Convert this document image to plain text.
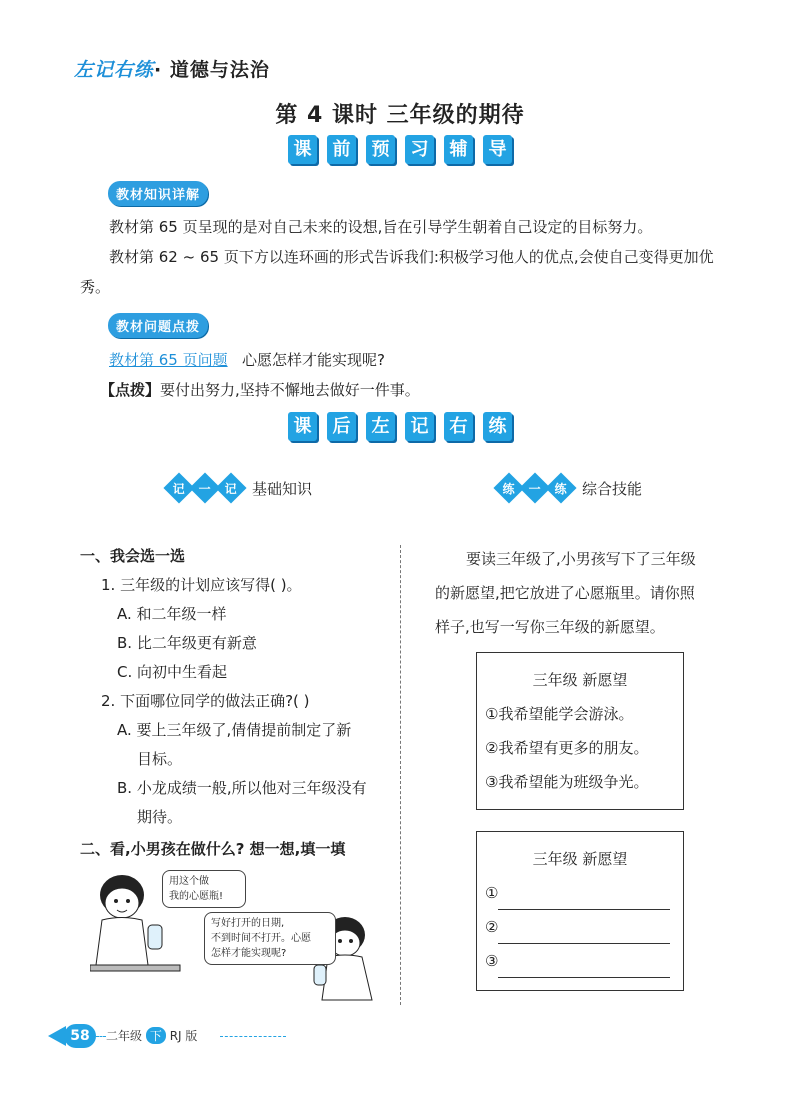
左记右练· 道德与法治
第 4 课时 三年级的期待
课 前 预 习 辅 导
教材知识详解
教材第 65 页呈现的是对自己未来的设想,旨在引导学生朝着自己设定的目标努力。
教材第 62 ~ 65 页下方以连环画的形式告诉我们:积极学习他人的优点,会使自己变得更加优秀。
教材问题点拨
教材第 65 页问题 心愿怎样才能实现呢?
【点拨】要付出努力,坚持不懈地去做好一件事。
课 后 左 记 右 练
记 一 记 基础知识	练 一 练 综合技能
一、我会选一选
1. 三年级的计划应该写得( )。
A. 和二年级一样
B. 比二年级更有新意
C. 向初中生看起
2. 下面哪位同学的做法正确?( )
A. 要上三年级了,倩倩提前制定了新
目标。
B. 小龙成绩一般,所以他对三年级没有
期待。
二、看,小男孩在做什么? 想一想,填一填
用这个做
我的心愿瓶!
写好打开的日期,
不到时间不打开。心愿
怎样才能实现呢?
要读三年级了,小男孩写下了三年级
的新愿望,把它放进了心愿瓶里。请你照
样子,也写一写你三年级的新愿望。
三年级 新愿望
①我希望能学会游泳。
②我希望有更多的朋友。
③我希望能为班级争光。
三年级 新愿望
①
②
③
58	二年级 下 RJ 版
